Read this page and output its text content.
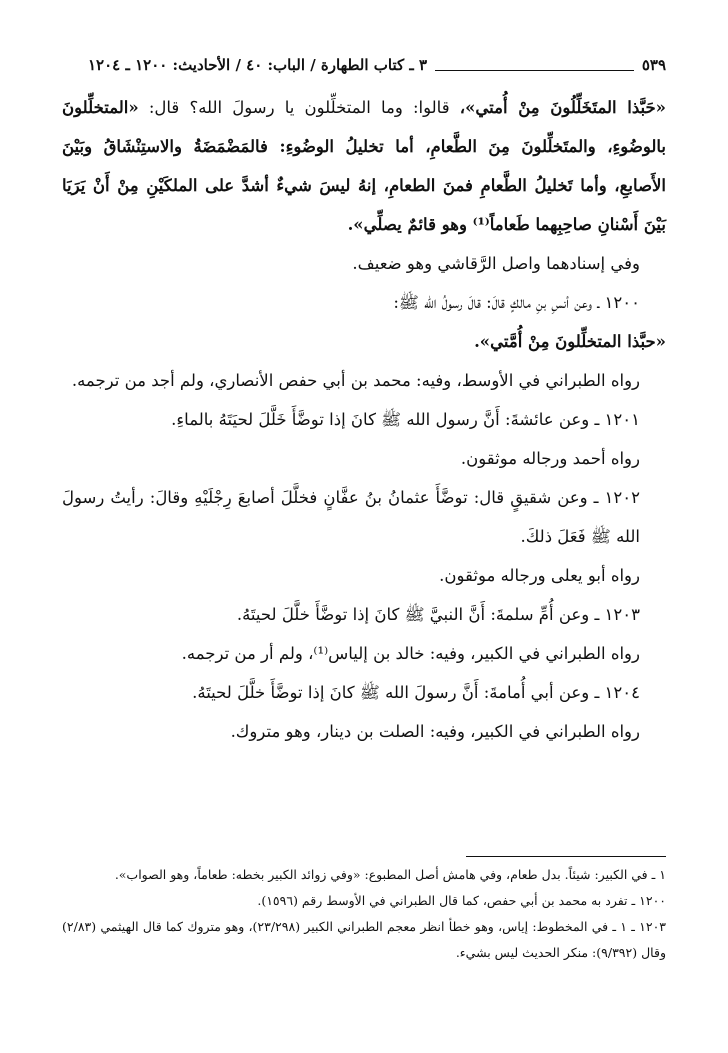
٥٣٩
٣ ـ كتاب الطهارة / الباب: ٤٠ / الأحاديث: ١٢٠٠ ـ ١٢٠٤

«حَبَّذا المتَخَلِّلُونَ مِنْ أُمتي»، قالوا: وما المتخلِّلون يا رسولَ الله؟ قال: «المتخلِّلونَ بالوضُوءِ، والمتَخلِّلونَ مِنَ الطَّعامِ، أما تخليلُ الوضُوءِ: فالمَضْمَضَةُ والاستِنْشَاقُ وبَيْنَ الأَصابعِ، وأما تَخليلُ الطَّعامِ فمنَ الطعامِ، إنهُ ليسَ شيءٌ أشدَّ على الملكَيْنِ مِنْ أَنْ يَرَيَا بَيْنَ أَسْنانِ صاحِبِهما طَعاماً⁽¹⁾ وهو قائمٌ يصلِّي».

وفي إسنادهما واصل الرَّقاشي وهو ضعيف.

١٢٠٠ ـ وعن أنسِ بنِ مالكٍ قالَ: قالَ رسولُ الله ﷺ:

«حبَّذا المتخلِّلونَ مِنْ أُمَّتي».

رواه الطبراني في الأوسط، وفيه: محمد بن أبي حفص الأنصاري، ولم أجد من ترجمه.

١٢٠١ ـ وعن عائشةَ: أَنَّ رسول الله ﷺ كانَ إذا توضَّأَ خَلَّلَ لحيَتَهُ بالماءِ.

رواه أحمد ورجاله موثقون.

١٢٠٢ ـ وعن شقيقٍ قال: توضَّأَ عثمانُ بنُ عفَّانٍ فخلَّلَ أصابعَ رِجْلَيْهِ وقالَ: رأيتُ رسولَ الله ﷺ فَعَلَ ذلكَ.

رواه أبو يعلى ورجاله موثقون.

١٢٠٣ ـ وعن أُمِّ سلمةَ: أَنَّ النبيَّ ﷺ كانَ إذا توضَّأَ خلَّلَ لحيتَهُ.

رواه الطبراني في الكبير، وفيه: خالد بن إلياس⁽¹⁾، ولم أر من ترجمه.

١٢٠٤ ـ وعن أبي أُمامةَ: أَنَّ رسولَ الله ﷺ كانَ إذا توضَّأَ خلَّلَ لحيتَهُ.

رواه الطبراني في الكبير، وفيه: الصلت بن دينار، وهو متروك.

١ ـ في الكبير: شيئاً. بدل طعام، وفي هامش أصل المطبوع: «وفي زوائد الكبير بخطه: طعاماً، وهو الصواب».

١٢٠٠ ـ تفرد به محمد بن أبي حفص، كما قال الطبراني في الأوسط رقم (١٥٩٦).

١٢٠٣ ـ ١ ـ في المخطوط: إياس، وهو خطأ انظر معجم الطبراني الكبير (٢٣/٢٩٨)، وهو متروك كما قال الهيثمي (٢/٨٣) وقال (٩/٣٩٢): منكر الحديث ليس بشيء.
